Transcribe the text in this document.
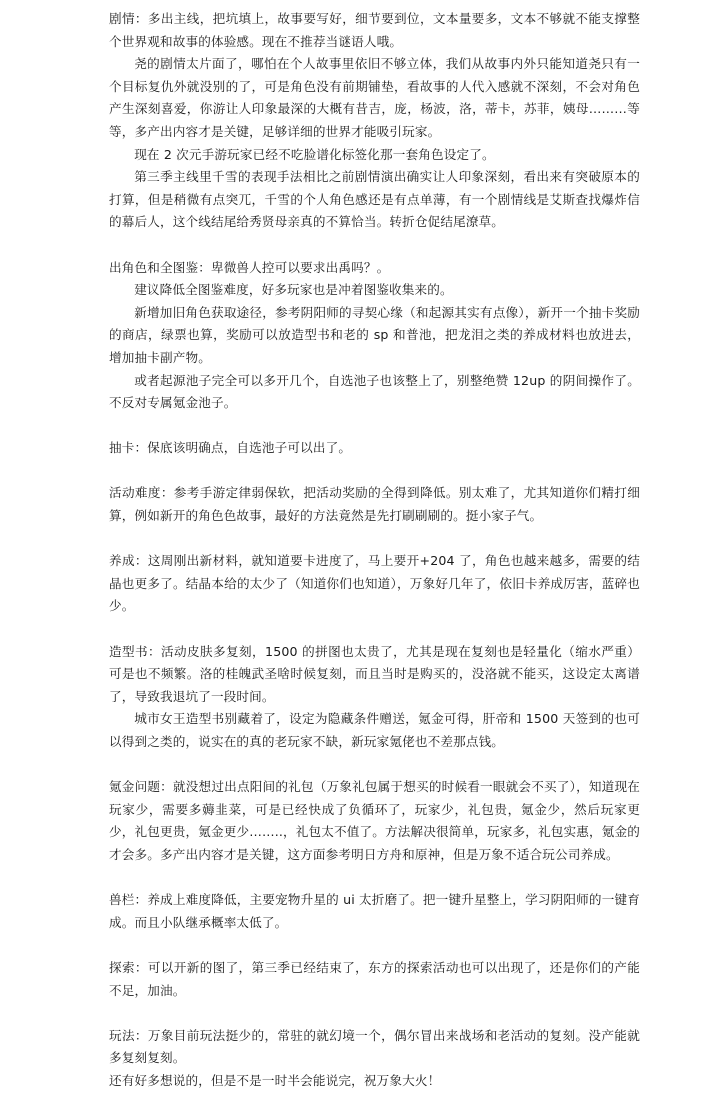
剧情：多出主线，把坑填上，故事要写好，细节要到位，文本量要多，文本不够就不能支撑整个世界观和故事的体验感。现在不推荐当谜语人哦。

尧的剧情太片面了，哪怕在个人故事里依旧不够立体，我们从故事内外只能知道尧只有一个目标复仇外就没别的了，可是角色没有前期铺垫，看故事的人代入感就不深刻，不会对角色产生深刻喜爱，你游让人印象最深的大概有昔吉，庞，杨波，洛，蒂卡，苏菲，姨母………等等，多产出内容才是关键，足够详细的世界才能吸引玩家。

现在 2 次元手游玩家已经不吃脸谱化标签化那一套角色设定了。

第三季主线里千雪的表现手法相比之前剧情演出确实让人印象深刻，看出来有突破原本的打算，但是稍微有点突兀，千雪的个人角色感还是有点单薄，有一个剧情线是艾斯查找爆炸信的幕后人，这个线结尾给秀贤母亲真的不算恰当。转折仓促结尾潦草。

出角色和全图鉴：卑微兽人控可以要求出禹吗？。

建议降低全图鉴难度，好多玩家也是冲着图鉴收集来的。

新增加旧角色获取途径，参考阴阳师的寻契心缘（和起源其实有点像），新开一个抽卡奖励的商店，绿票也算，奖励可以放造型书和老的 sp 和普池，把龙泪之类的养成材料也放进去，增加抽卡副产物。

或者起源池子完全可以多开几个，自选池子也该整上了，别整绝赞 12up 的阴间操作了。不反对专属氪金池子。

抽卡：保底该明确点，自选池子可以出了。

活动难度：参考手游定律弱保软，把活动奖励的全得到降低。别太难了，尤其知道你们精打细算，例如新开的角色色故事，最好的方法竟然是先打刷刷刷的。挺小家子气。

养成：这周刚出新材料，就知道要卡进度了，马上要开+204 了，角色也越来越多，需要的结晶也更多了。结晶本给的太少了（知道你们也知道），万象好几年了，依旧卡养成厉害，蓝碎也少。

造型书：活动皮肤多复刻，1500 的拼图也太贵了，尤其是现在复刻也是轻量化（缩水严重）可是也不频繁。洛的桂魄武圣啥时候复刻，而且当时是购买的，没洛就不能买，这设定太离谱了，导致我退坑了一段时间。

城市女王造型书别藏着了，设定为隐藏条件赠送，氪金可得，肝帝和 1500 天签到的也可以得到之类的，说实在的真的老玩家不缺，新玩家氪佬也不差那点钱。

氪金问题：就没想过出点阳间的礼包（万象礼包属于想买的时候看一眼就会不买了），知道现在玩家少，需要多薅韭菜，可是已经快成了负循环了，玩家少，礼包贵，氪金少，然后玩家更少，礼包更贵，氪金更少……..，礼包太不值了。方法解决很简单，玩家多，礼包实惠，氪金的才会多。多产出内容才是关键，这方面参考明日方舟和原神，但是万象不适合玩公司养成。

兽栏：养成上难度降低，主要宠物升星的 ui 太折磨了。把一键升星整上，学习阴阳师的一键育成。而且小队继承概率太低了。

探索：可以开新的图了，第三季已经结束了，东方的探索活动也可以出现了，还是你们的产能不足，加油。

玩法：万象目前玩法挺少的，常驻的就幻境一个，偶尔冒出来战场和老活动的复刻。没产能就多复刻复刻。

还有好多想说的，但是不是一时半会能说完，祝万象大火！
